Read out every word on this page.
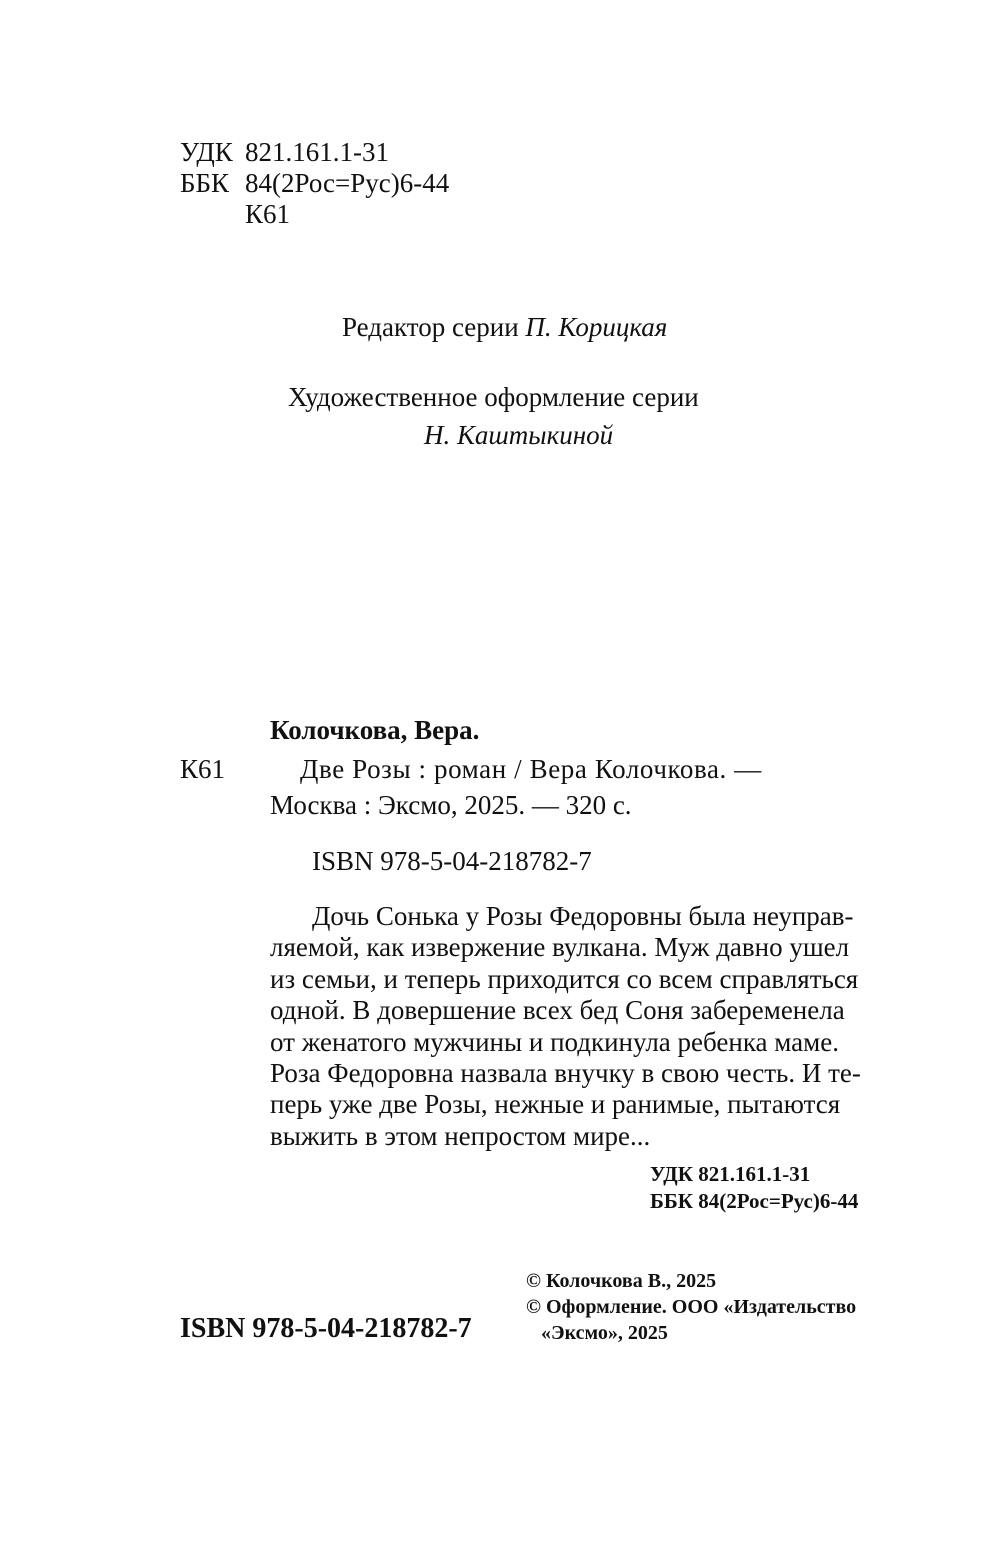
УДК 821.161.1-31
ББК 84(2Рос=Рус)6-44
К61
Редактор серии П. Корицкая
Художественное оформление серии
Н. Каштыкиной
Колочкова, Вера.
К61	Две Розы : роман / Вера Колочкова. —
Москва : Эксмо, 2025. — 320 с.
ISBN 978-5-04-218782-7
Дочь Сонька у Розы Федоровны была неуправ-
ляемой, как извержение вулкана. Муж давно ушел
из семьи, и теперь приходится со всем справляться
одной. В довершение всех бед Соня забеременела
от женатого мужчины и подкинула ребенка маме.
Роза Федоровна назвала внучку в свою честь. И те-
перь уже две Розы, нежные и ранимые, пытаются
выжить в этом непростом мире...
УДК 821.161.1-31
ББК 84(2Рос=Рус)6-44
© Колочкова В., 2025
© Оформление. ООО «Издательство
«Эксмо», 2025
ISBN 978-5-04-218782-7
